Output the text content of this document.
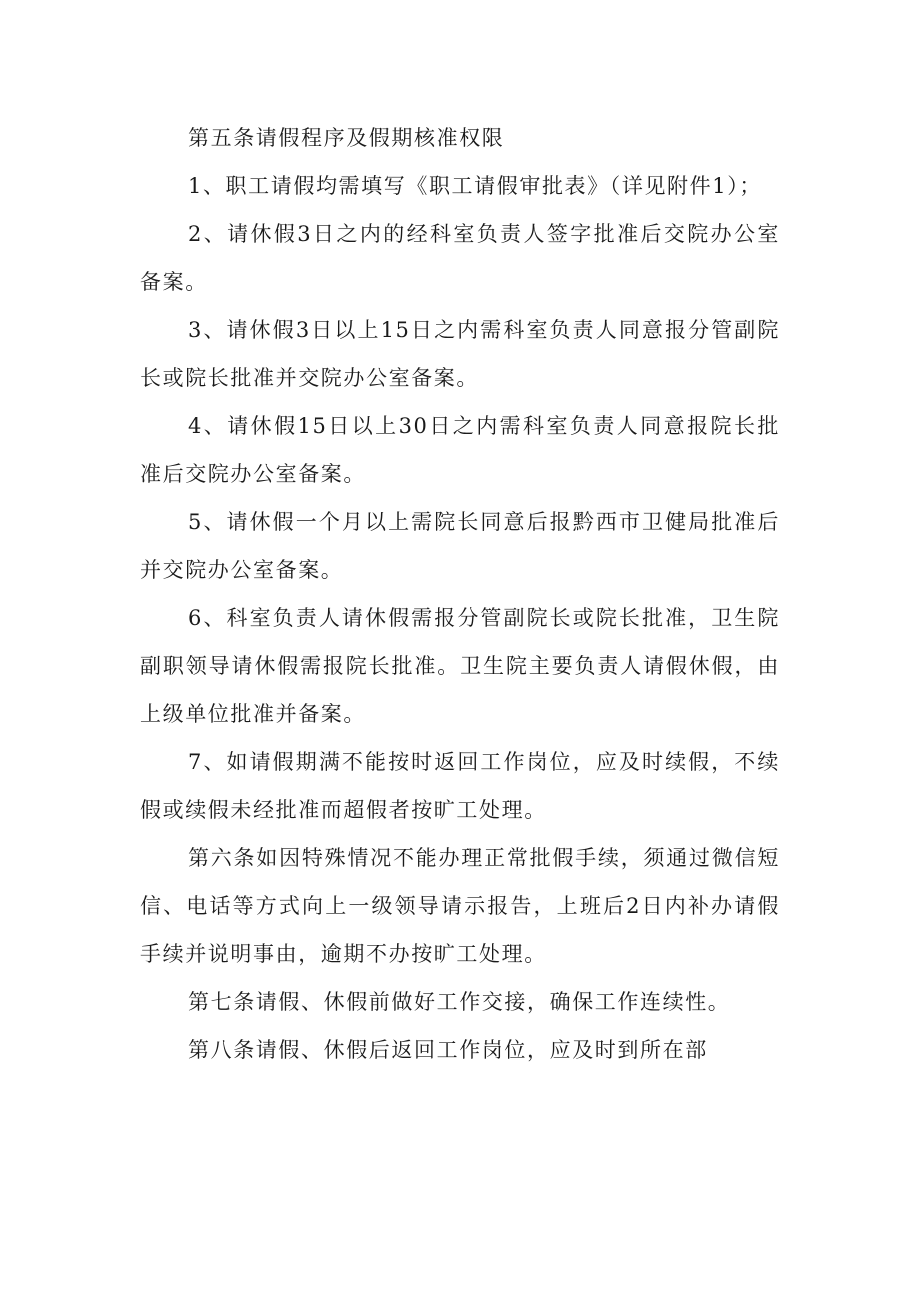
第五条请假程序及假期核准权限

1、职工请假均需填写《职工请假审批表》（详见附件1）；

2、请休假3日之内的经科室负责人签字批准后交院办公室备案。

3、请休假3日以上15日之内需科室负责人同意报分管副院长或院长批准并交院办公室备案。

4、请休假15日以上30日之内需科室负责人同意报院长批准后交院办公室备案。

5、请休假一个月以上需院长同意后报黔西市卫健局批准后并交院办公室备案。

6、科室负责人请休假需报分管副院长或院长批准，卫生院副职领导请休假需报院长批准。卫生院主要负责人请假休假，由上级单位批准并备案。

7、如请假期满不能按时返回工作岗位，应及时续假，不续假或续假未经批准而超假者按旷工处理。

第六条如因特殊情况不能办理正常批假手续，须通过微信短信、电话等方式向上一级领导请示报告，上班后2日内补办请假手续并说明事由，逾期不办按旷工处理。

第七条请假、休假前做好工作交接，确保工作连续性。

第八条请假、休假后返回工作岗位，应及时到所在部
